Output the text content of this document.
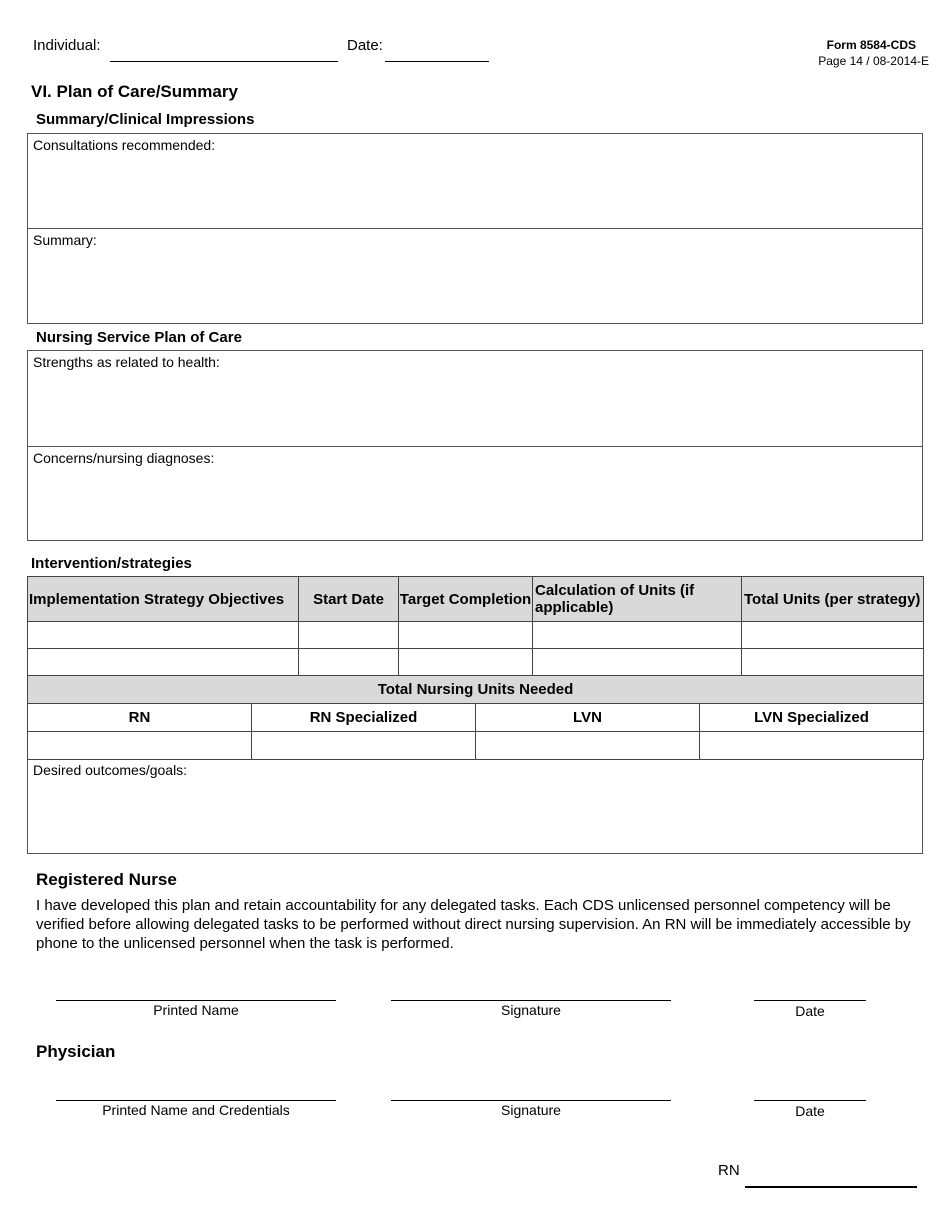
Individual:	Date:	Form 8584-CDS
Page 14 / 08-2014-E
VI. Plan of Care/Summary
Summary/Clinical Impressions
Consultations recommended:
Summary:
Nursing Service Plan of Care
Strengths as related to health:
Concerns/nursing diagnoses:
Intervention/strategies
Implementation Strategy Objectives	Start Date	Target Completion	Calculation of Units (if applicable)	Total Units (per strategy)

Total Nursing Units Needed			
RN	RN Specialized	LVN	LVN Specialized

Desired outcomes/goals:
Registered Nurse
I have developed this plan and retain accountability for any delegated tasks. Each CDS unlicensed personnel competency will be verified before allowing delegated tasks to be performed without direct nursing supervision. An RN will be immediately accessible by phone to the unlicensed personnel when the task is performed.
Printed Name	Signature	Date
Physician
Printed Name and Credentials	Signature	Date
RN
